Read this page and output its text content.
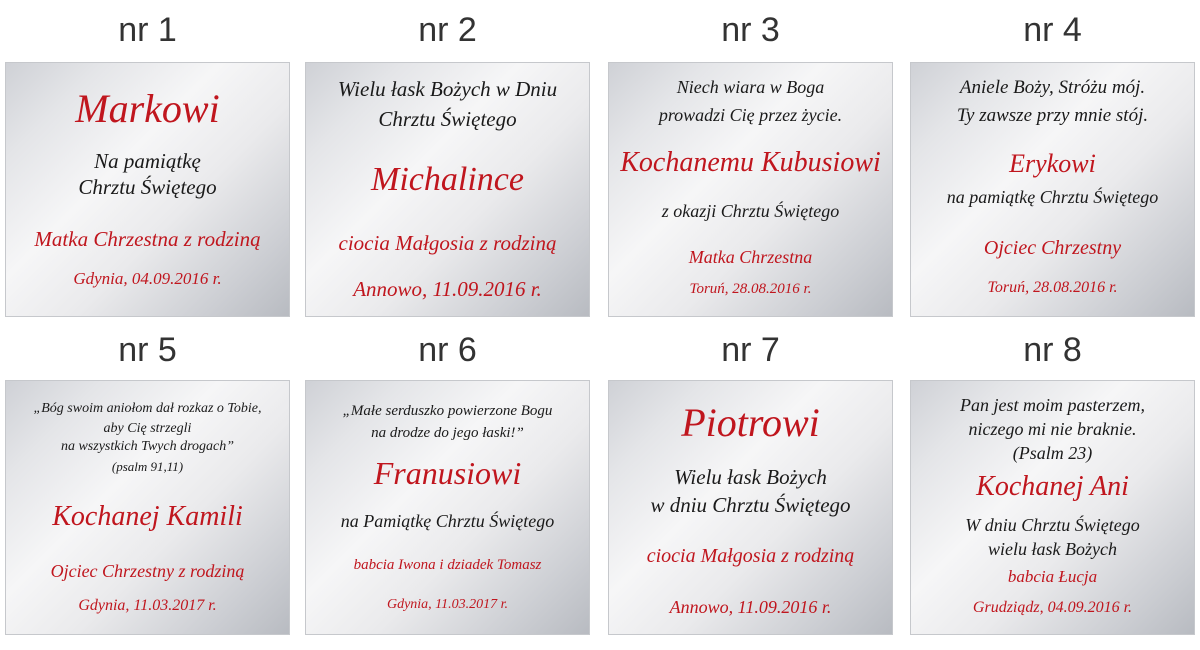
nr 1
Markowi
Na pamiątkę
Chrztu Świętego
Matka Chrzestna z rodziną
Gdynia, 04.09.2016 r.
nr 2
Wielu łask Bożych w Dniu
Chrztu Świętego
Michalince
ciocia Małgosia z rodziną
Annowo, 11.09.2016 r.
nr 3
Niech wiara w Boga
prowadzi Cię przez życie.
Kochanemu Kubusiowi
z okazji Chrztu Świętego
Matka Chrzestna
Toruń, 28.08.2016 r.
nr 4
Aniele Boży, Stróżu mój.
Ty zawsze przy mnie stój.
Erykowi
na pamiątkę Chrztu Świętego
Ojciec Chrzestny
Toruń, 28.08.2016 r.
nr 5
„Bóg swoim aniołom dał rozkaz o Tobie,
aby Cię strzegli
na wszystkich Twych drogach”
(psalm 91,11)
Kochanej Kamili
Ojciec Chrzestny z rodziną
Gdynia, 11.03.2017 r.
nr 6
„Małe serduszko powierzone Bogu
na drodze do jego łaski!”
Franusiowi
na Pamiątkę Chrztu Świętego
babcia Iwona i dziadek Tomasz
Gdynia, 11.03.2017 r.
nr 7
Piotrowi
Wielu łask Bożych
w dniu Chrztu Świętego
ciocia Małgosia z rodziną
Annowo, 11.09.2016 r.
nr 8
Pan jest moim pasterzem,
niczego mi nie braknie.
(Psalm 23)
Kochanej Ani
W dniu Chrztu Świętego
wielu łask Bożych
babcia Łucja
Grudziądz, 04.09.2016 r.
